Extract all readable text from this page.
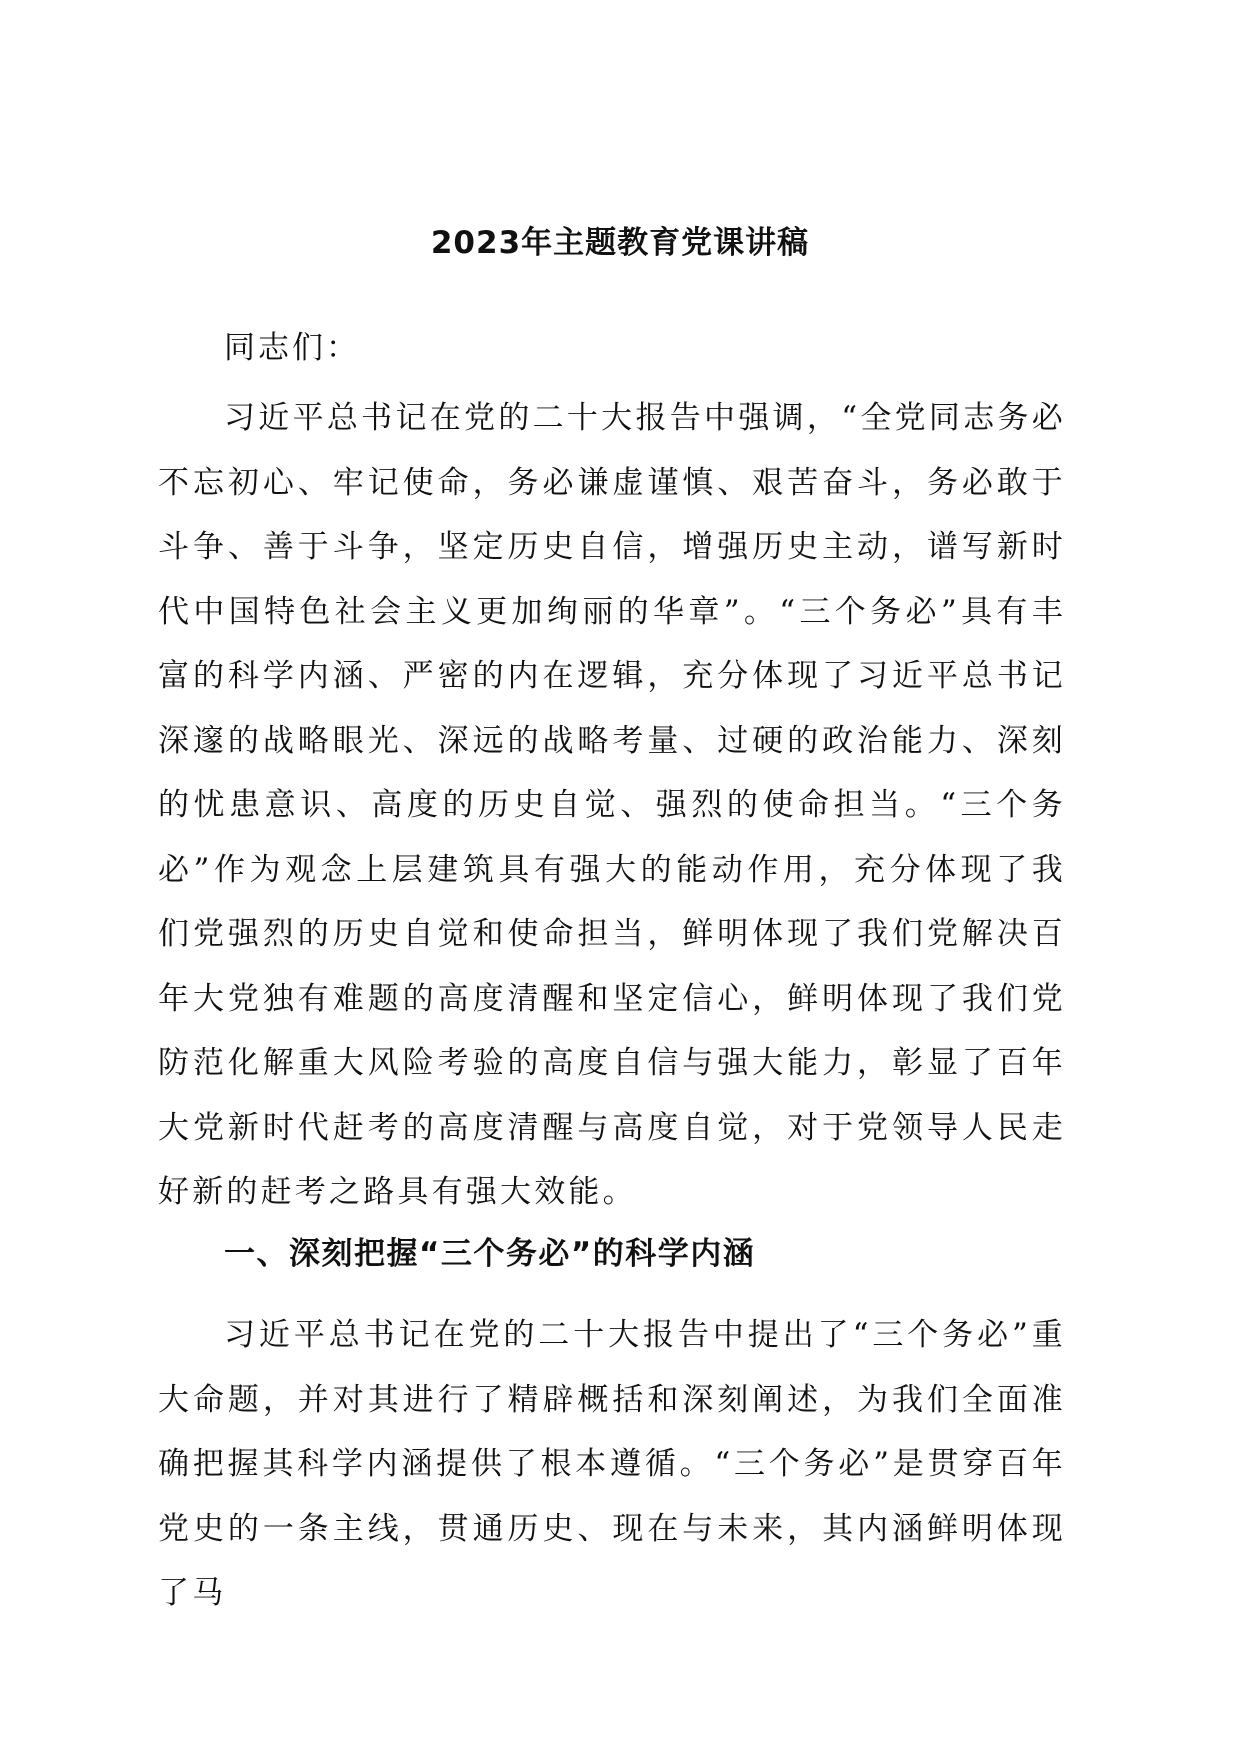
2023年主题教育党课讲稿
同志们：

习近平总书记在党的二十大报告中强调，“全党同志务必不忘初心、牢记使命，务必谦虚谨慎、艰苦奋斗，务必敢于斗争、善于斗争，坚定历史自信，增强历史主动，谱写新时代中国特色社会主义更加绚丽的华章”。“三个务必”具有丰富的科学内涵、严密的内在逻辑，充分体现了习近平总书记深邃的战略眼光、深远的战略考量、过硬的政治能力、深刻的忧患意识、高度的历史自觉、强烈的使命担当。“三个务必”作为观念上层建筑具有强大的能动作用，充分体现了我们党强烈的历史自觉和使命担当，鲜明体现了我们党解决百年大党独有难题的高度清醒和坚定信心，鲜明体现了我们党防范化解重大风险考验的高度自信与强大能力，彰显了百年大党新时代赶考的高度清醒与高度自觉，对于党领导人民走好新的赶考之路具有强大效能。

一、深刻把握“三个务必”的科学内涵

习近平总书记在党的二十大报告中提出了“三个务必”重大命题，并对其进行了精辟概括和深刻阐述，为我们全面准确把握其科学内涵提供了根本遵循。“三个务必”是贯穿百年党史的一条主线，贯通历史、现在与未来，其内涵鲜明体现了马
